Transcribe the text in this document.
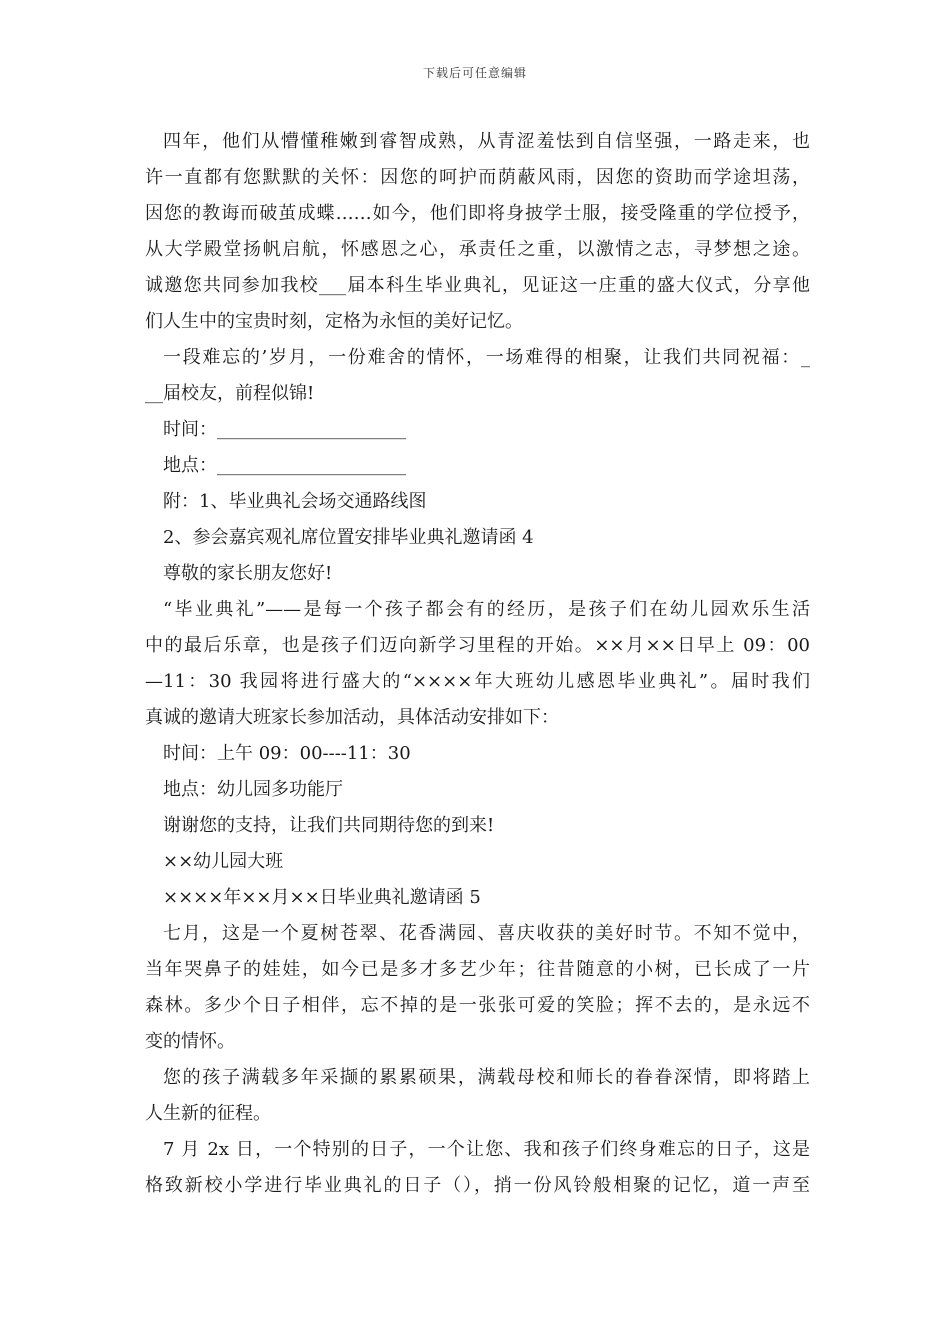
下载后可任意编辑
四年，他们从懵懂稚嫩到睿智成熟，从青涩羞怯到自信坚强，一路走来，也
许一直都有您默默的关怀：因您的呵护而荫蔽风雨，因您的资助而学途坦荡，
因您的教诲而破茧成蝶……如今，他们即将身披学士服，接受隆重的学位授予，
从大学殿堂扬帆启航，怀感恩之心，承责任之重，以激情之志，寻梦想之途。
诚邀您共同参加我校___届本科生毕业典礼，见证这一庄重的盛大仪式，分享他
们人生中的宝贵时刻，定格为永恒的美好记忆。
一段难忘的’岁月，一份难舍的情怀，一场难得的相聚，让我们共同祝福：_
__届校友，前程似锦!
时间：_____________________
地点：_____________________
附：1、毕业典礼会场交通路线图
2、参会嘉宾观礼席位置安排毕业典礼邀请函 4
尊敬的家长朋友您好!
“毕业典礼”——是每一个孩子都会有的经历，是孩子们在幼儿园欢乐生活
中的最后乐章，也是孩子们迈向新学习里程的开始。××月××日早上 09：00
—11：30 我园将进行盛大的“××××年大班幼儿感恩毕业典礼”。届时我们
真诚的邀请大班家长参加活动，具体活动安排如下：
时间：上午 09：00----11：30
地点：幼儿园多功能厅
谢谢您的支持，让我们共同期待您的到来!
××幼儿园大班
××××年××月××日毕业典礼邀请函 5
七月，这是一个夏树苍翠、花香满园、喜庆收获的美好时节。不知不觉中，
当年哭鼻子的娃娃，如今已是多才多艺少年；往昔随意的小树，已长成了一片
森林。多少个日子相伴，忘不掉的是一张张可爱的笑脸；挥不去的，是永远不
变的情怀。
您的孩子满载多年采撷的累累硕果，满载母校和师长的眷眷深情，即将踏上
人生新的征程。
7 月 2x 日，一个特别的日子，一个让您、我和孩子们终身难忘的日子，这是
格致新校小学进行毕业典礼的日子（），捎一份风铃般相聚的记忆，道一声至
